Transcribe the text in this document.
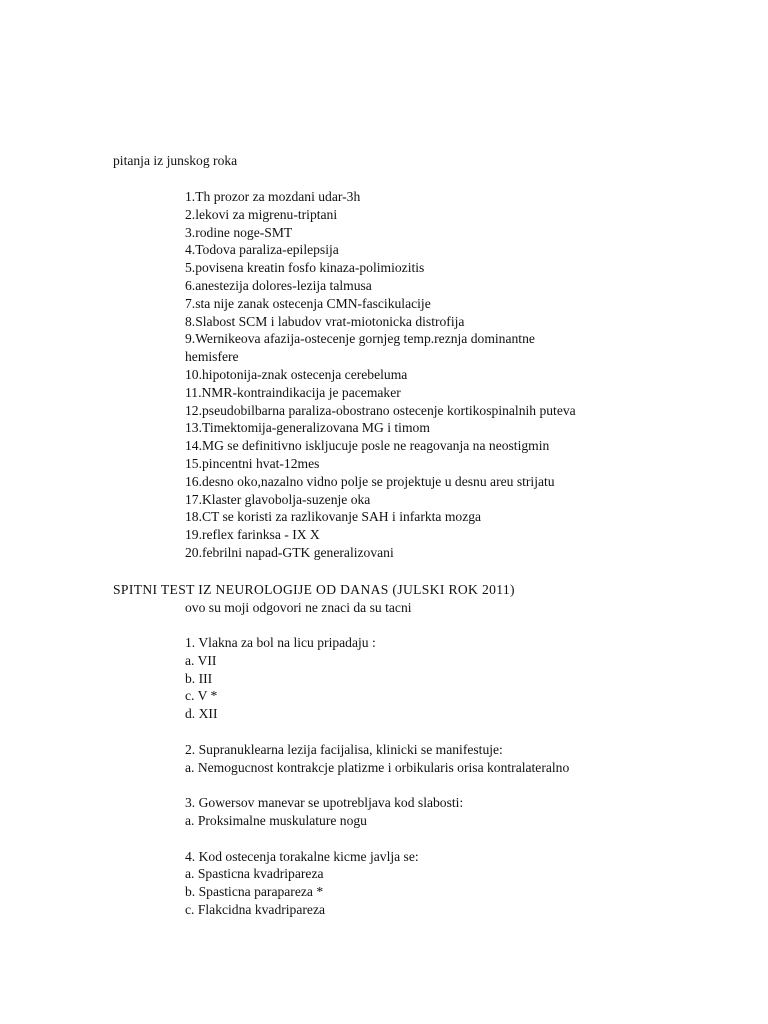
pitanja iz junskog roka

1.Th prozor za mozdani udar-3h
2.lekovi za migrenu-triptani
3.rodine noge-SMT
4.Todova paraliza-epilepsija
5.povisena kreatin fosfo kinaza-polimiozitis
6.anestezija dolores-lezija talmusa
7.sta nije zanak ostecenja CMN-fascikulacije
8.Slabost SCM i labudov vrat-miotonicka distrofija
9.Wernikeova afazija-ostecenje gornjeg temp.reznja dominantne
hemisfere
10.hipotonija-znak ostecenja cerebeluma
11.NMR-kontraindikacija je pacemaker
12.pseudobilbarna paraliza-obostrano ostecenje kortikospinalnih puteva
13.Timektomija-generalizovana MG i timom
14.MG se definitivno iskljucuje posle ne reagovanja na neostigmin
15.pincentni hvat-12mes
16.desno oko,nazalno vidno polje se projektuje u desnu areu strijatu
17.Klaster glavobolja-suzenje oka
18.CT se koristi za razlikovanje SAH i infarkta mozga
19.reflex farinksa - IX X
20.febrilni napad-GTK generalizovani

SPITNI TEST IZ NEUROLOGIJE OD DANAS (JULSKI ROK 2011)

ovo su moji odgovori ne znaci da su tacni

1. Vlakna za bol na licu pripadaju :

a. VII
b. III
c. V *
d. XII

2. Supranuklearna lezija facijalisa, klinicki se manifestuje:

a. Nemogucnost kontrakcje platizme i orbikularis orisa kontralateralno

3. Gowersov manevar se upotrebljava kod slabosti:

a. Proksimalne muskulature nogu

4. Kod ostecenja torakalne kicme javlja se:

a. Spasticna kvadripareza
b. Spasticna parapareza *
c. Flakcidna kvadripareza
